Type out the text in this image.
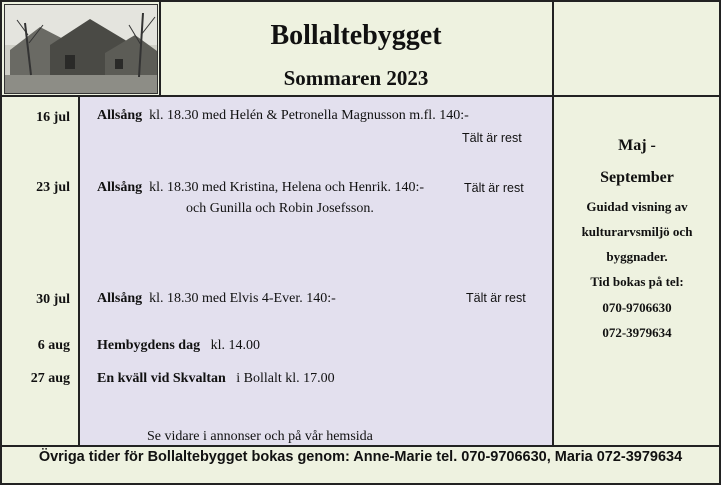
Bollaltebygget
Sommaren 2023
16 jul Allsång kl. 18.30 med Helén & Petronella Magnusson m.fl. 140:-
Tält är rest
23 jul Allsång kl. 18.30 med Kristina, Helena och Henrik. 140:-
och Gunilla och Robin Josefsson.
Tält är rest
30 jul Allsång kl. 18.30 med Elvis 4-Ever. 140:-	Tält är rest
6 aug Hembygdens dag kl. 14.00
27 aug En kväll vid Skvaltan i Bollalt kl. 17.00
Se vidare i annonser och på vår hemsida
Maj -
September
Guidad visning av
kulturarvsmiljö och
byggnader.
Tid bokas på tel:
070-9706630
072-3979634
Övriga tider för Bollaltebygget bokas genom: Anne-Marie tel. 070-9706630, Maria 072-3979634
